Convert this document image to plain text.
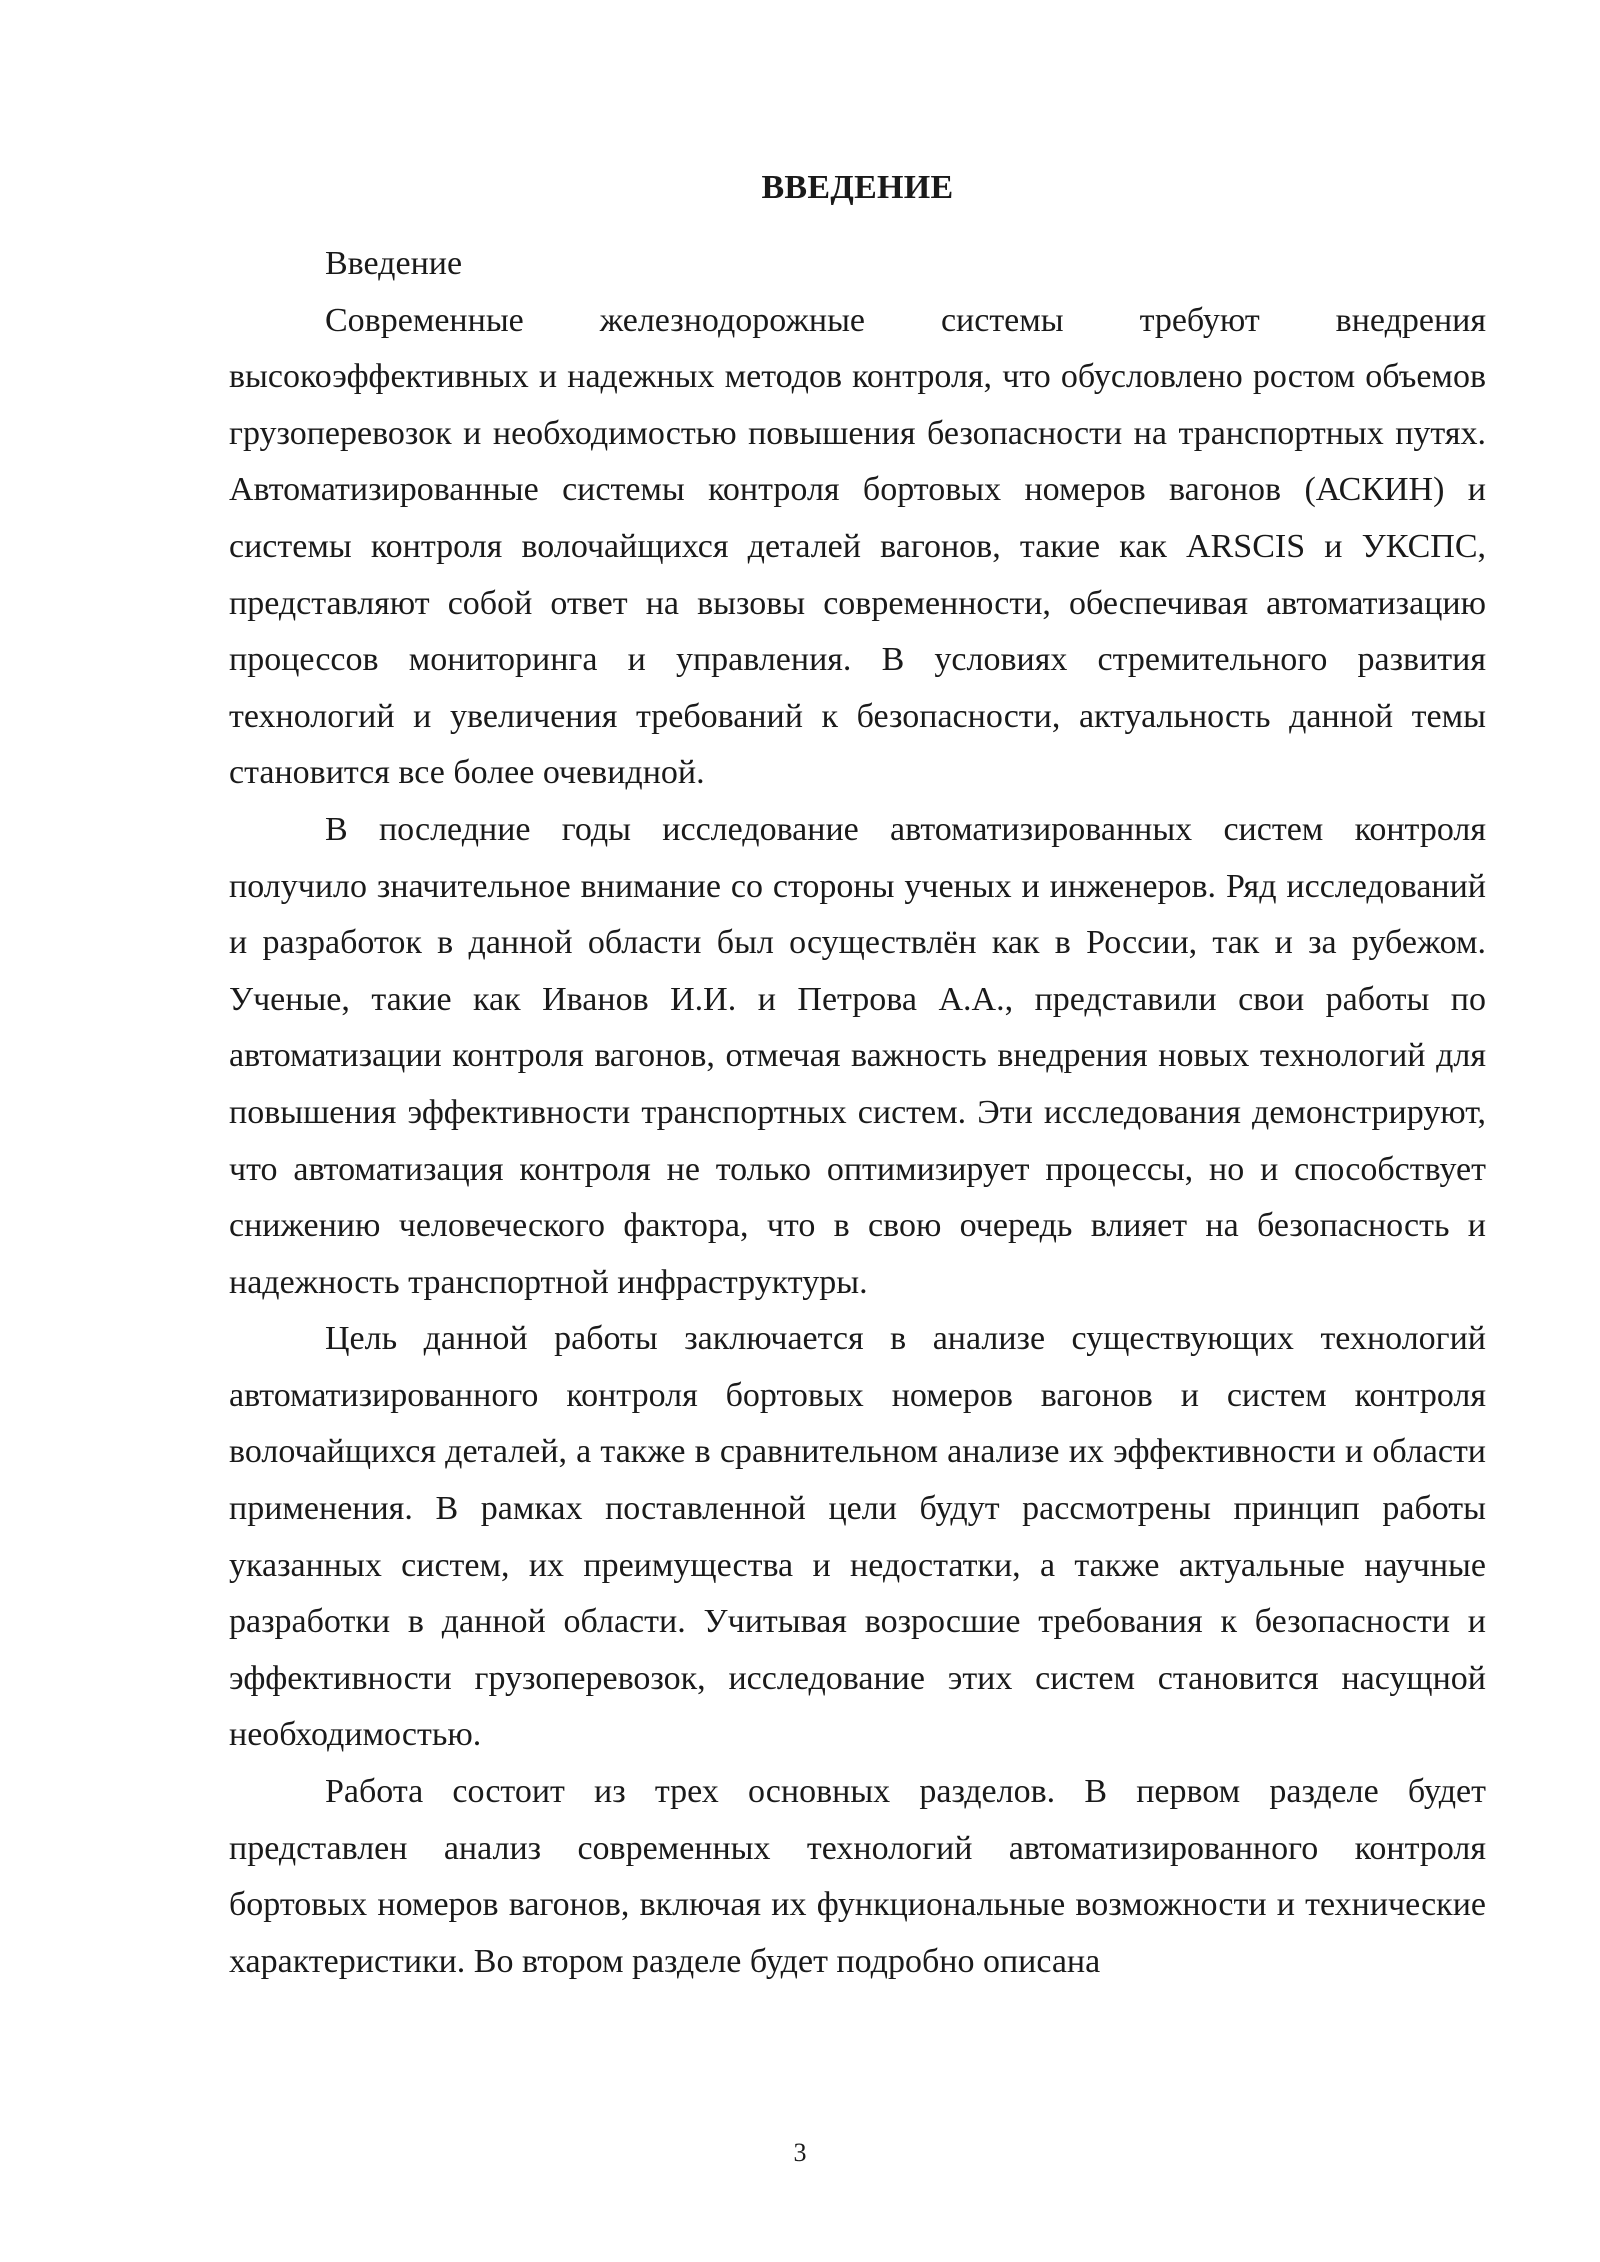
ВВЕДЕНИЕ

Введение

Современные железнодорожные системы требуют внедрения высокоэффективных и надежных методов контроля, что обусловлено ростом объемов грузоперевозок и необходимостью повышения безопасности на транспортных путях. Автоматизированные системы контроля бортовых номеров вагонов (АСКИН) и системы контроля волочайщихся деталей вагонов, такие как ARSCIS и УКСПС, представляют собой ответ на вызовы современности, обеспечивая автоматизацию процессов мониторинга и управления. В условиях стремительного развития технологий и увеличения требований к безопасности, актуальность данной темы становится все более очевидной.

В последние годы исследование автоматизированных систем контроля получило значительное внимание со стороны ученых и инженеров. Ряд исследований и разработок в данной области был осуществлён как в России, так и за рубежом. Ученые, такие как Иванов И.И. и Петрова А.А., представили свои работы по автоматизации контроля вагонов, отмечая важность внедрения новых технологий для повышения эффективности транспортных систем. Эти исследования демонстрируют, что автоматизация контроля не только оптимизирует процессы, но и способствует снижению человеческого фактора, что в свою очередь влияет на безопасность и надежность транспортной инфраструктуры.

Цель данной работы заключается в анализе существующих технологий автоматизированного контроля бортовых номеров вагонов и систем контроля волочайщихся деталей, а также в сравнительном анализе их эффективности и области применения. В рамках поставленной цели будут рассмотрены принцип работы указанных систем, их преимущества и недостатки, а также актуальные научные разработки в данной области. Учитывая возросшие требования к безопасности и эффективности грузоперевозок, исследование этих систем становится насущной необходимостью.

Работа состоит из трех основных разделов. В первом разделе будет представлен анализ современных технологий автоматизированного контроля бортовых номеров вагонов, включая их функциональные возможности и технические характеристики. Во втором разделе будет подробно описана

3
